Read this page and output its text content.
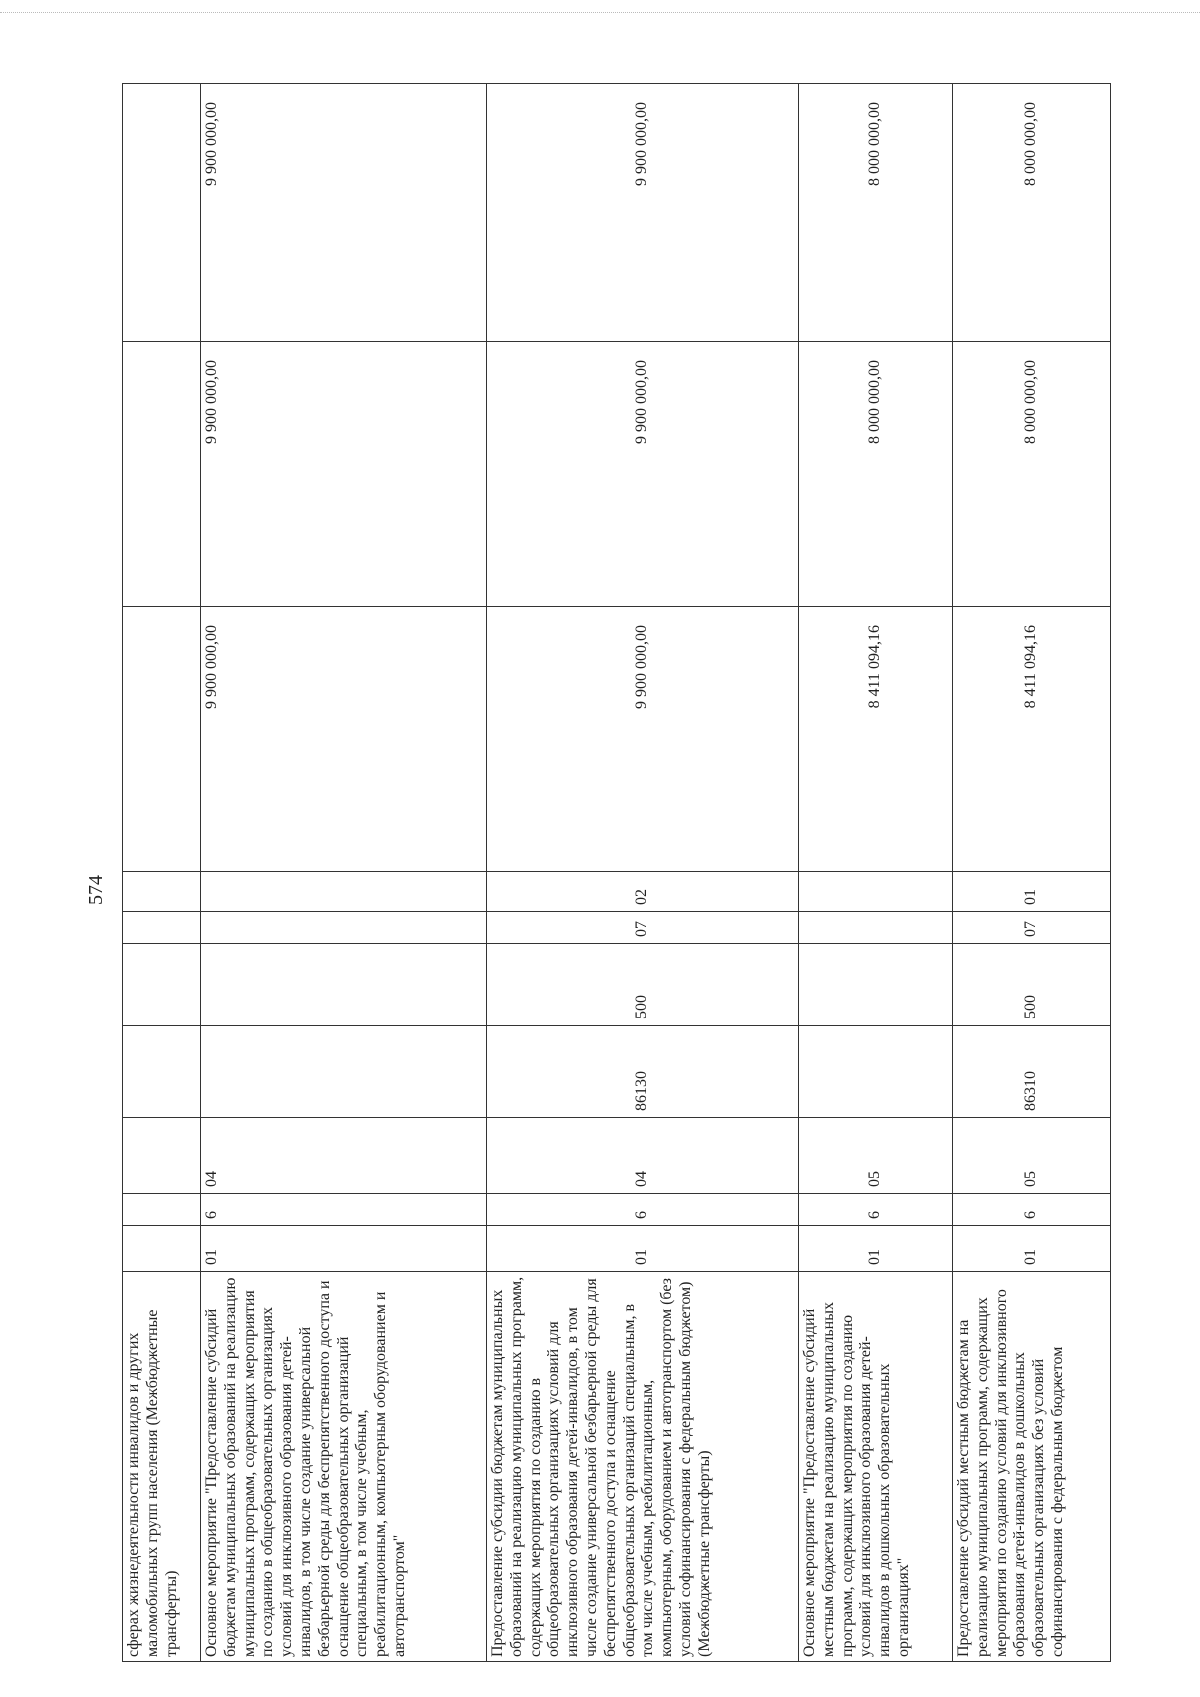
574
сферах жизнедеятельности инвалидов и других маломобильных групп населения (Межбюджетные трансферты)										
Основное мероприятие "Предоставление субсидий бюджетам муниципальных образований на реализацию муниципальных программ, содержащих мероприятия по созданию в общеобразовательных организациях условий для инклюзивного образования детей-инвалидов, в том числе создание универсальной безбарьерной среды для беспрепятственного доступа и оснащение общеобразовательных организаций специальным, в том числе учебным, реабилитационным, компьютерным оборудованием и автотранспортом"	01	6	04					9 900 000,00	9 900 000,00	9 900 000,00
Предоставление субсидии бюджетам муниципальных образований на реализацию муниципальных программ, содержащих мероприятия по созданию в общеобразовательных организациях условий для инклюзивного образования детей-инвалидов, в том числе создание универсальной безбарьерной среды для беспрепятственного доступа и оснащение общеобразовательных организаций специальным, в том числе учебным, реабилитационным, компьютерным, оборудованием и автотранспортом (без условий софинансирования с федеральным бюджетом) (Межбюджетные трансферты)	01	6	04	86130	500	07	02	9 900 000,00	9 900 000,00	9 900 000,00
Основное мероприятие "Предоставление субсидий местным бюджетам на реализацию муниципальных программ, содержащих мероприятия по созданию условий для инклюзивного образования детей-инвалидов в дошкольных образовательных организациях"	01	6	05					8 411 094,16	8 000 000,00	8 000 000,00
Предоставление субсидий местным бюджетам на реализацию муниципальных программ, содержащих мероприятия по созданию условий для инклюзивного образования детей-инвалидов в дошкольных образовательных организациях без условий софинансирования с федеральным бюджетом	01	6	05	86310	500	07	01	8 411 094,16	8 000 000,00	8 000 000,00
